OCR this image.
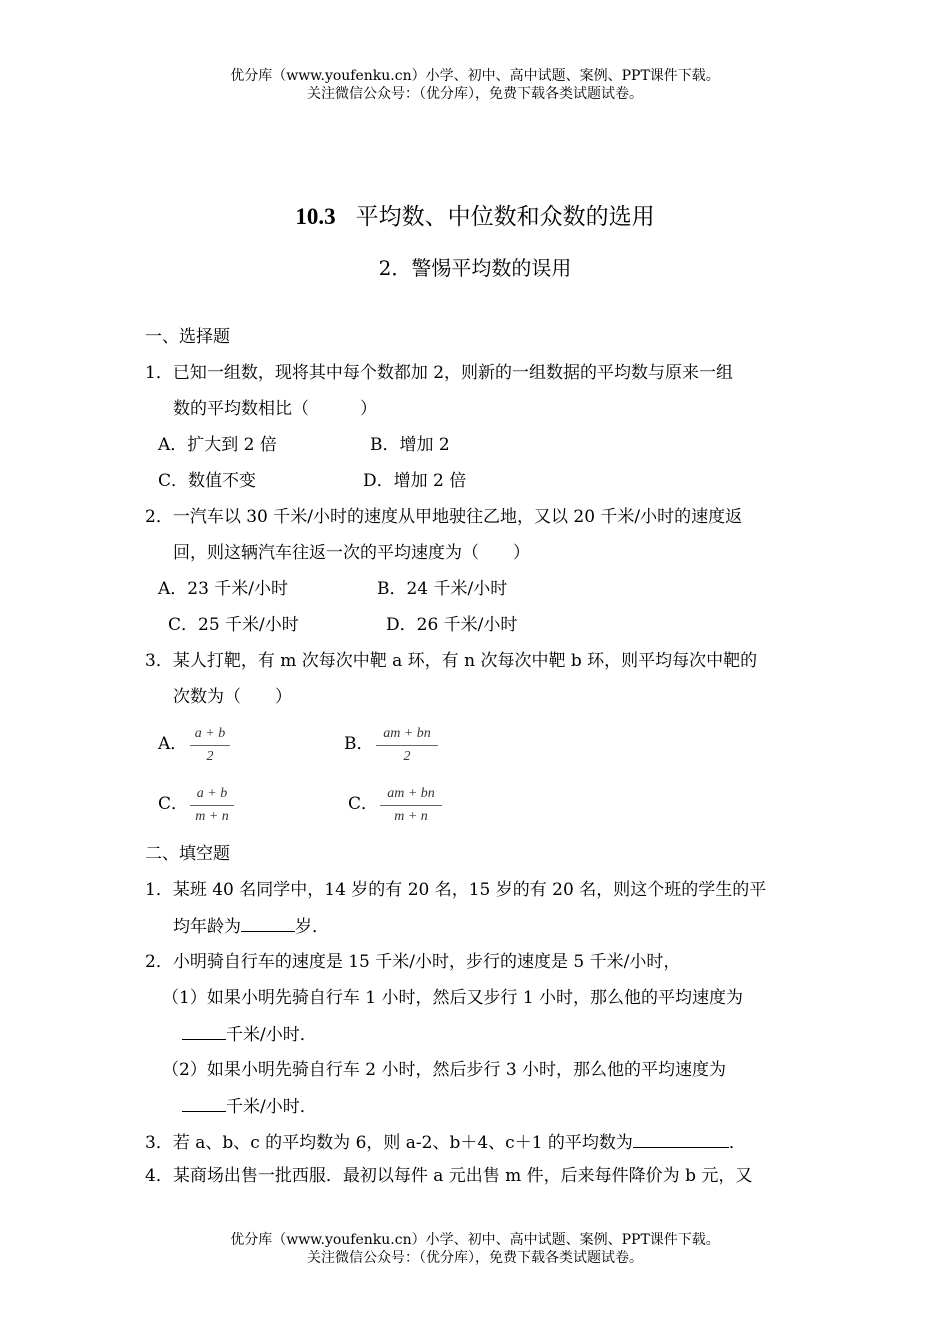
优分库（www.youfenku.cn）小学、初中、高中试题、案例、PPT课件下载。
关注微信公众号：（优分库），免费下载各类试题试卷。
10.3 平均数、中位数和众数的选用
2．警惕平均数的误用
一、选择题
1．已知一组数，现将其中每个数都加 2，则新的一组数据的平均数与原来一组
数的平均数相比（　　　）
A．扩大到 2 倍	B．增加 2
C．数值不变	D．增加 2 倍
2．一汽车以 30 千米/小时的速度从甲地驶往乙地，又以 20 千米/小时的速度返
回，则这辆汽车往返一次的平均速度为（　　）
A．23 千米/小时	B．24 千米/小时
C．25 千米/小时	D．26 千米/小时
3．某人打靶，有 m 次每次中靶 a 环，有 n 次每次中靶 b 环，则平均每次中靶的
次数为（　　）
A．
a + b
2
B．
am + bn
2
C．
a + b
m + n
C．
am + bn
m + n
二、填空题
1．某班 40 名同学中，14 岁的有 20 名，15 岁的有 20 名，则这个班的学生的平
均年龄为	岁．
2．小明骑自行车的速度是 15 千米/小时，步行的速度是 5 千米/小时，
（1）如果小明先骑自行车 1 小时，然后又步行 1 小时，那么他的平均速度为
千米/小时．
（2）如果小明先骑自行车 2 小时，然后步行 3 小时，那么他的平均速度为
千米/小时．
3．若 a、b、c 的平均数为 6，则 a-2、b＋4、c＋1 的平均数为	．
4．某商场出售一批西服．最初以每件 a 元出售 m 件，后来每件降价为 b 元，又
优分库（www.youfenku.cn）小学、初中、高中试题、案例、PPT课件下载。
关注微信公众号：（优分库），免费下载各类试题试卷。
